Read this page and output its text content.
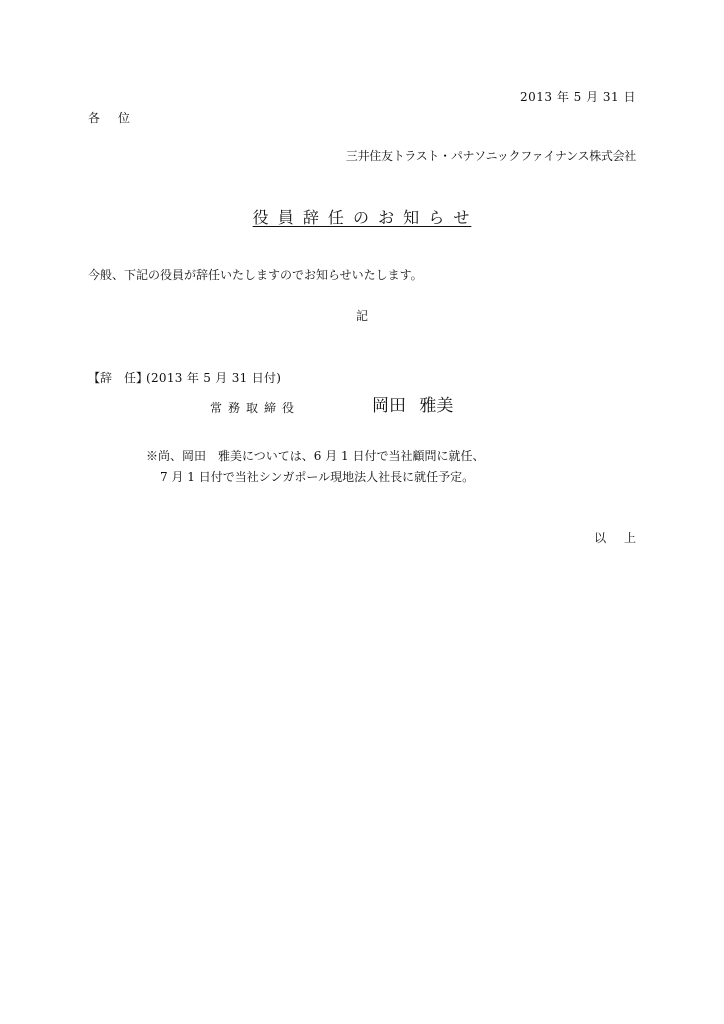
2013 年 5 月 31 日
各 位
三井住友トラスト・パナソニックファイナンス株式会社
役 員 辞 任 の お 知 ら せ
今般、下記の役員が辞任いたしますのでお知らせいたします。
記
【辞　任】
(2013 年 5 月 31 日付)
常務取締役	岡田 雅美
※尚、岡田　雅美については、6 月 1 日付で当社顧問に就任、
7 月 1 日付で当社シンガポール現地法人社長に就任予定。
以 上
